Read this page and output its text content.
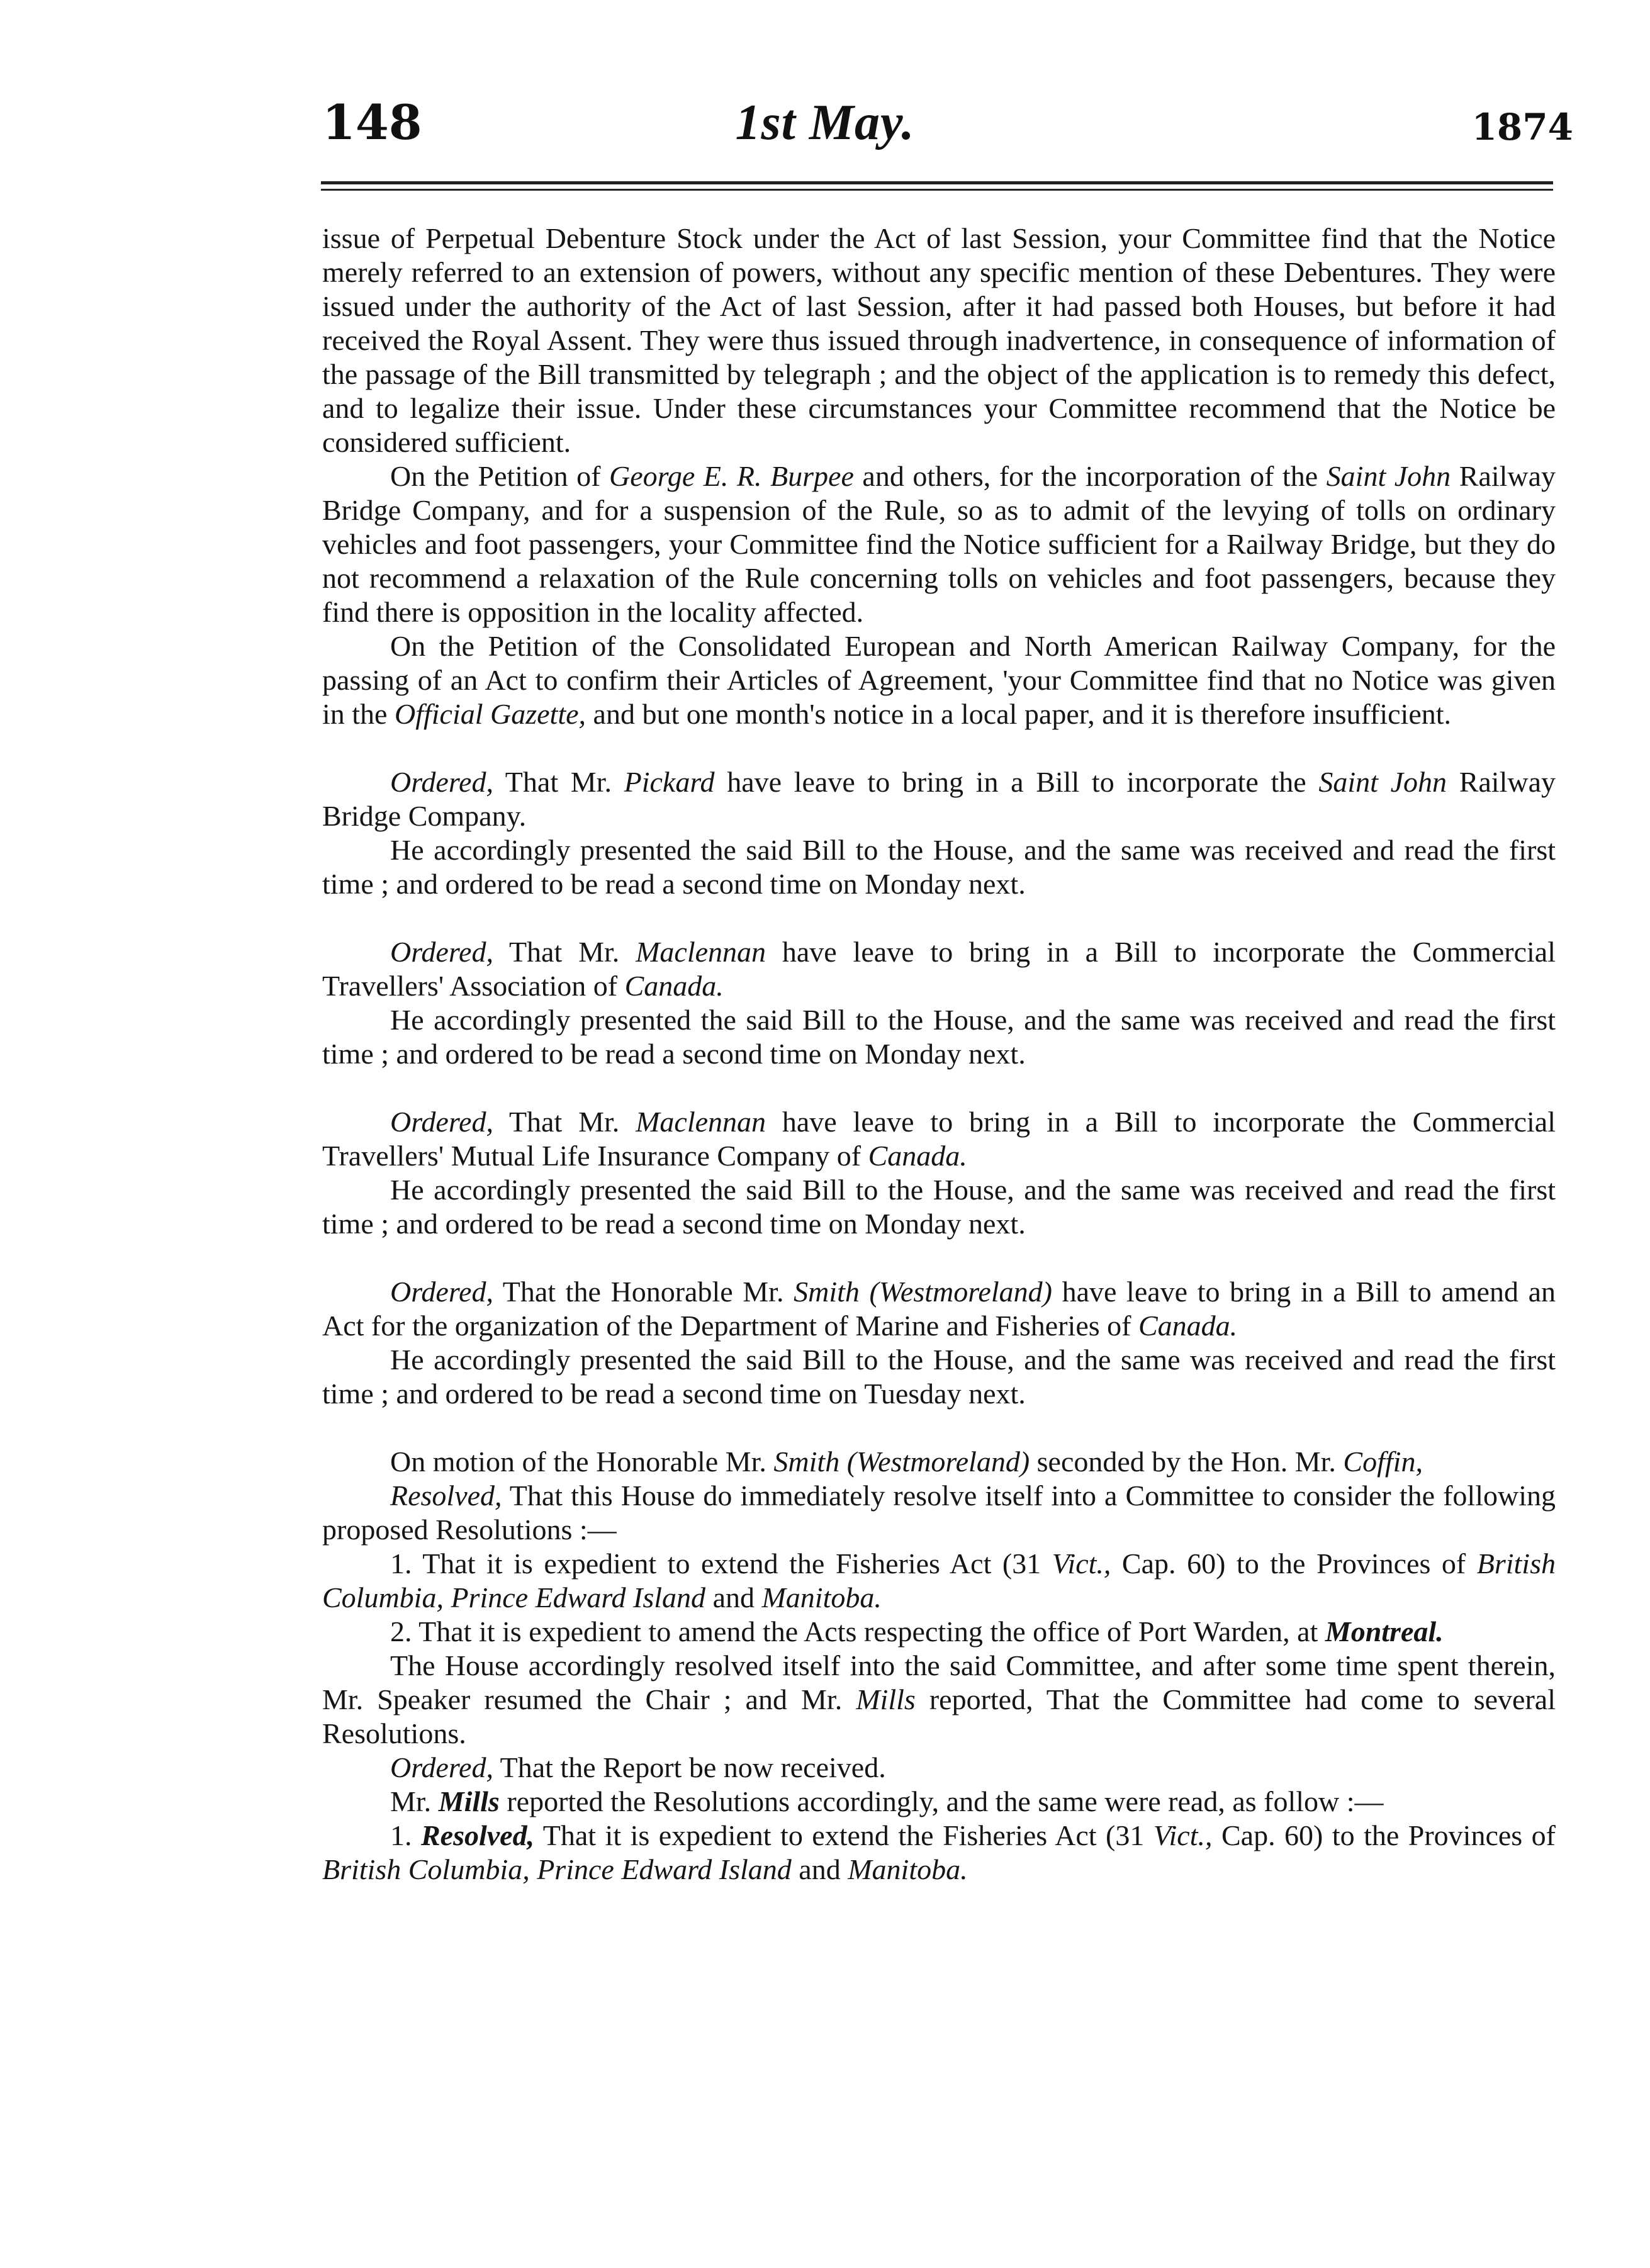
1st May.
148	1874

issue of Perpetual Debenture Stock under the Act of last Session, your Committee find that the Notice merely referred to an extension of powers, without any specific mention of these Debentures. They were issued under the authority of the Act of last Session, after it had passed both Houses, but before it had received the Royal Assent. They were thus issued through inadvertence, in consequence of information of the passage of the Bill transmitted by telegraph ; and the object of the application is to remedy this defect, and to legalize their issue. Under these circumstances your Committee recommend that the Notice be considered sufficient.

On the Petition of George E. R. Burpee and others, for the incorporation of the Saint John Railway Bridge Company, and for a suspension of the Rule, so as to admit of the levying of tolls on ordinary vehicles and foot passengers, your Committee find the Notice sufficient for a Railway Bridge, but they do not recommend a relaxation of the Rule concerning tolls on vehicles and foot passengers, because they find there is opposition in the locality affected.

On the Petition of the Consolidated European and North American Railway Company, for the passing of an Act to confirm their Articles of Agreement, 'your Committee find that no Notice was given in the Official Gazette, and but one month's notice in a local paper, and it is therefore insufficient.

Ordered, That Mr. Pickard have leave to bring in a Bill to incorporate the Saint John Railway Bridge Company.

He accordingly presented the said Bill to the House, and the same was received and read the first time ; and ordered to be read a second time on Monday next.

Ordered, That Mr. Maclennan have leave to bring in a Bill to incorporate the Commercial Travellers' Association of Canada.

He accordingly presented the said Bill to the House, and the same was received and read the first time ; and ordered to be read a second time on Monday next.

Ordered, That Mr. Maclennan have leave to bring in a Bill to incorporate the Commercial Travellers' Mutual Life Insurance Company of Canada.

He accordingly presented the said Bill to the House, and the same was received and read the first time ; and ordered to be read a second time on Monday next.

Ordered, That the Honorable Mr. Smith (Westmoreland) have leave to bring in a Bill to amend an Act for the organization of the Department of Marine and Fisheries of Canada.

He accordingly presented the said Bill to the House, and the same was received and read the first time ; and ordered to be read a second time on Tuesday next.

On motion of the Honorable Mr. Smith (Westmoreland) seconded by the Hon. Mr. Coffin,

Resolved, That this House do immediately resolve itself into a Committee to consider the following proposed Resolutions :—

1. That it is expedient to extend the Fisheries Act (31 Vict., Cap. 60) to the Provinces of British Columbia, Prince Edward Island and Manitoba.

2. That it is expedient to amend the Acts respecting the office of Port Warden, at Montreal.

The House accordingly resolved itself into the said Committee, and after some time spent therein, Mr. Speaker resumed the Chair ; and Mr. Mills reported, That the Committee had come to several Resolutions.

Ordered, That the Report be now received.

Mr. Mills reported the Resolutions accordingly, and the same were read, as follow :—

1. Resolved, That it is expedient to extend the Fisheries Act (31 Vict., Cap. 60) to the Provinces of British Columbia, Prince Edward Island and Manitoba.
